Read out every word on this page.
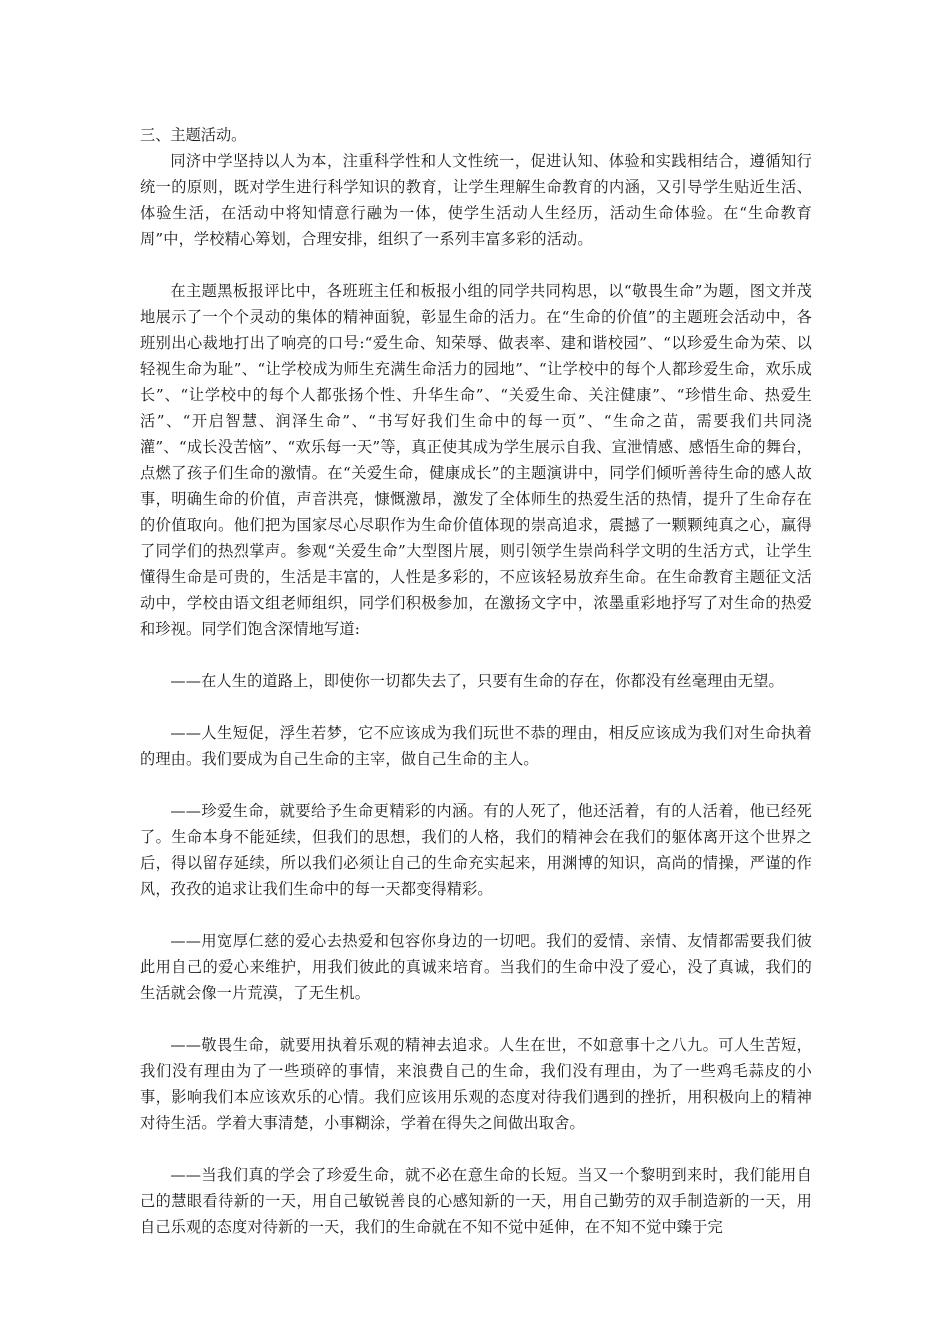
三、主题活动。

同济中学坚持以人为本，注重科学性和人文性统一，促进认知、体验和实践相结合，遵循知行统一的原则，既对学生进行科学知识的教育，让学生理解生命教育的内涵，又引导学生贴近生活、体验生活，在活动中将知情意行融为一体，使学生活动人生经历，活动生命体验。在“生命教育周”中，学校精心筹划，合理安排，组织了一系列丰富多彩的活动。

在主题黑板报评比中，各班班主任和板报小组的同学共同构思，以“敬畏生命”为题，图文并茂地展示了一个个灵动的集体的精神面貌，彰显生命的活力。在“生命的价值”的主题班会活动中，各班别出心裁地打出了响亮的口号:“爱生命、知荣辱、做表率、建和谐校园”、“以珍爱生命为荣、以轻视生命为耻”、“让学校成为师生充满生命活力的园地”、“让学校中的每个人都珍爱生命，欢乐成长”、“让学校中的每个人都张扬个性、升华生命”、“关爱生命、关注健康”、“珍惜生命、热爱生活”、“开启智慧、润泽生命”、“书写好我们生命中的每一页”、“生命之苗，需要我们共同浇灌”、“成长没苦恼”、“欢乐每一天”等，真正使其成为学生展示自我、宣泄情感、感悟生命的舞台，点燃了孩子们生命的激情。在“关爱生命，健康成长”的主题演讲中，同学们倾听善待生命的感人故事，明确生命的价值，声音洪亮，慷慨激昂，激发了全体师生的热爱生活的热情，提升了生命存在的价值取向。他们把为国家尽心尽职作为生命价值体现的崇高追求，震撼了一颗颗纯真之心，赢得了同学们的热烈掌声。参观“关爱生命”大型图片展，则引领学生崇尚科学文明的生活方式，让学生懂得生命是可贵的，生活是丰富的，人性是多彩的，不应该轻易放弃生命。在生命教育主题征文活动中，学校由语文组老师组织，同学们积极参加，在激扬文字中，浓墨重彩地抒写了对生命的热爱和珍视。同学们饱含深情地写道:

——在人生的道路上，即使你一切都失去了，只要有生命的存在，你都没有丝毫理由无望。

——人生短促，浮生若梦，它不应该成为我们玩世不恭的理由，相反应该成为我们对生命执着的理由。我们要成为自己生命的主宰，做自己生命的主人。

——珍爱生命，就要给予生命更精彩的内涵。有的人死了，他还活着，有的人活着，他已经死了。生命本身不能延续，但我们的思想，我们的人格，我们的精神会在我们的躯体离开这个世界之后，得以留存延续，所以我们必须让自己的生命充实起来，用渊博的知识，高尚的情操，严谨的作风，孜孜的追求让我们生命中的每一天都变得精彩。

——用宽厚仁慈的爱心去热爱和包容你身边的一切吧。我们的爱情、亲情、友情都需要我们彼此用自己的爱心来维护，用我们彼此的真诚来培育。当我们的生命中没了爱心，没了真诚，我们的生活就会像一片荒漠，了无生机。

——敬畏生命，就要用执着乐观的精神去追求。人生在世，不如意事十之八九。可人生苦短，我们没有理由为了一些琐碎的事情，来浪费自己的生命，我们没有理由，为了一些鸡毛蒜皮的小事，影响我们本应该欢乐的心情。我们应该用乐观的态度对待我们遇到的挫折，用积极向上的精神对待生活。学着大事清楚，小事糊涂，学着在得失之间做出取舍。

——当我们真的学会了珍爱生命，就不必在意生命的长短。当又一个黎明到来时，我们能用自己的慧眼看待新的一天，用自己敏锐善良的心感知新的一天，用自己勤劳的双手制造新的一天，用自己乐观的态度对待新的一天，我们的生命就在不知不觉中延伸，在不知不觉中臻于完
